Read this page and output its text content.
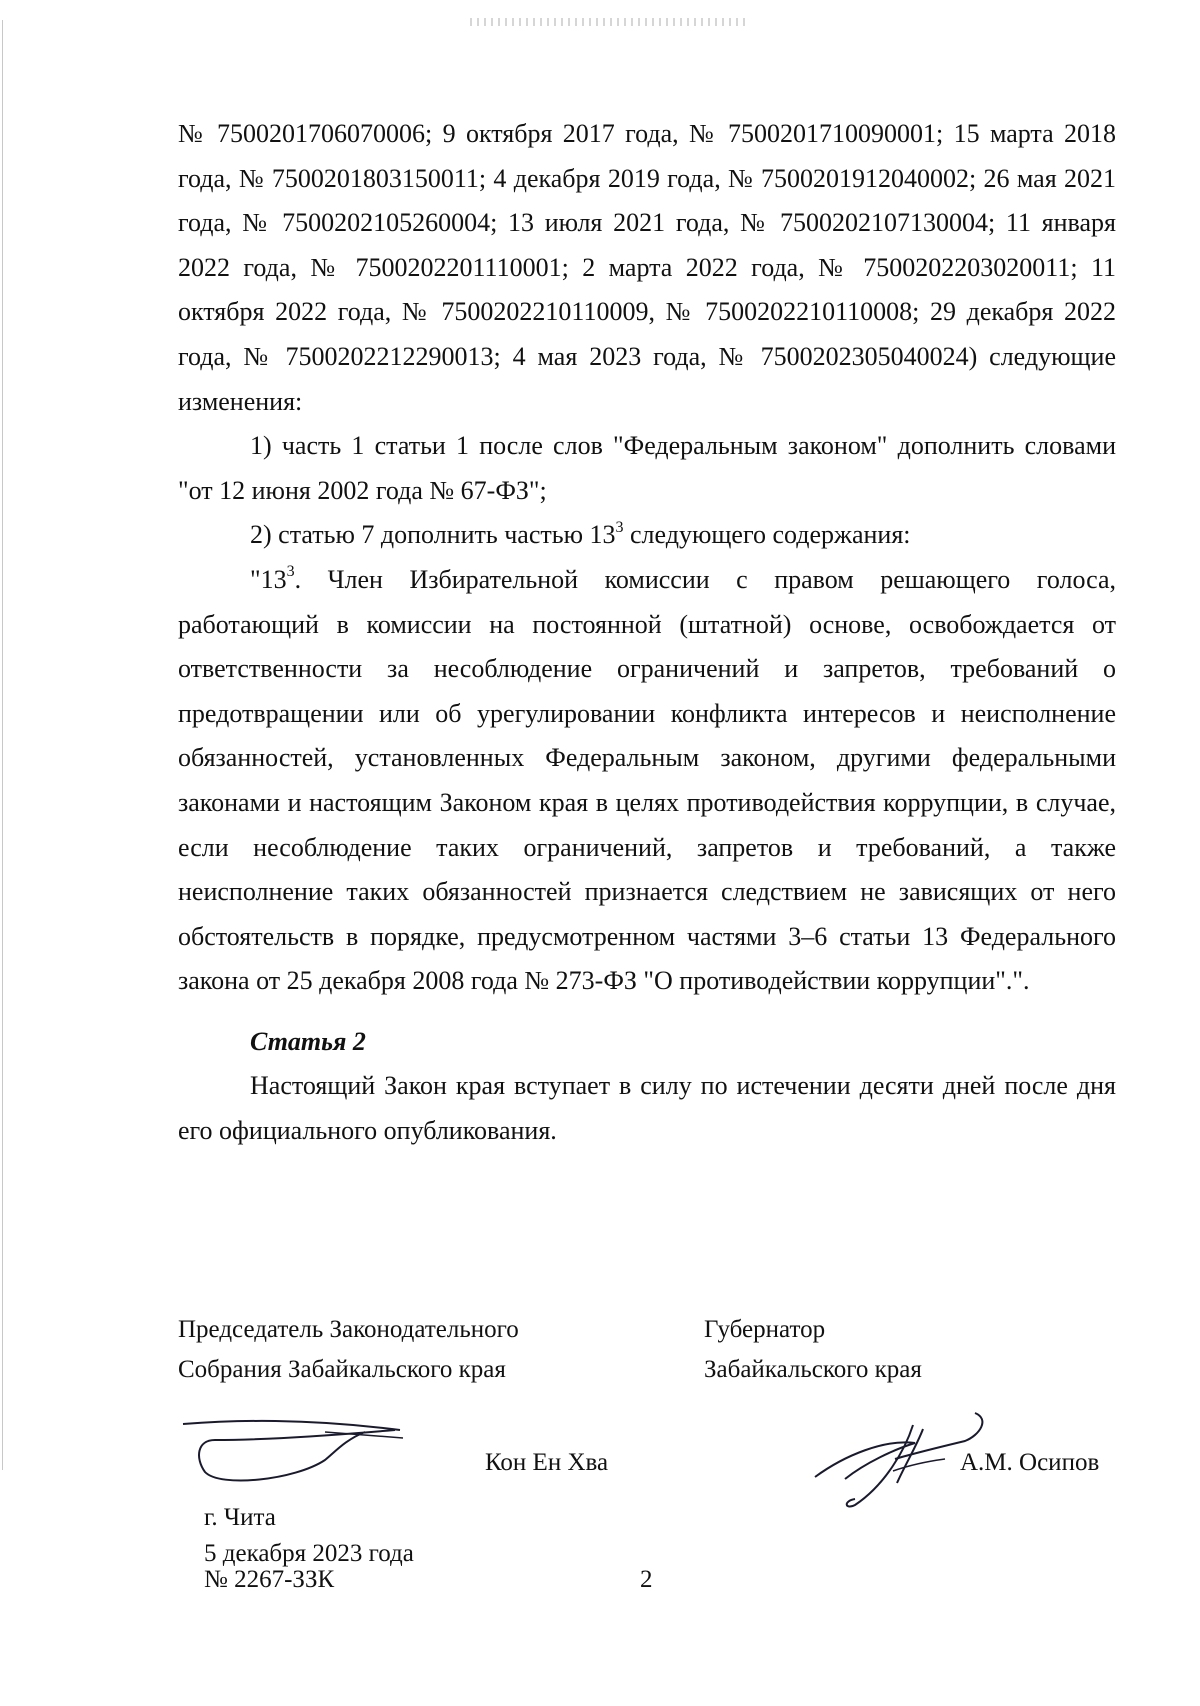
№ 7500201706070006; 9 октября 2017 года, № 7500201710090001; 15 марта 2018 года, № 7500201803150011; 4 декабря 2019 года, № 7500201912040002; 26 мая 2021 года, № 7500202105260004; 13 июля 2021 года, № 7500202107130004; 11 января 2022 года, № 7500202201110001; 2 марта 2022 года, № 7500202203020011; 11 октября 2022 года, № 7500202210110009, № 7500202210110008; 29 декабря 2022 года, № 7500202212290013; 4 мая 2023 года, № 7500202305040024) следующие изменения:

1) часть 1 статьи 1 после слов "Федеральным законом" дополнить словами "от 12 июня 2002 года № 67-ФЗ";

2) статью 7 дополнить частью $13^3$ следующего содержания:

"$13^3$. Член Избирательной комиссии с правом решающего голоса, работающий в комиссии на постоянной (штатной) основе, освобождается от ответственности за несоблюдение ограничений и запретов, требований о предотвращении или об урегулировании конфликта интересов и неисполнение обязанностей, установленных Федеральным законом, другими федеральными законами и настоящим Законом края в целях противодействия коррупции, в случае, если несоблюдение таких ограничений, запретов и требований, а также неисполнение таких обязанностей признается следствием не зависящих от него обстоятельств в порядке, предусмотренном частями 3–6 статьи 13 Федерального закона от 25 декабря 2008 года № 273-ФЗ "О противодействии коррупции".".

Статья 2

Настоящий Закон края вступает в силу по истечении десяти дней после дня его официального опубликования.

Председатель Законодательного
Собрания Забайкальского края
Губернатор
Забайкальского края
Кон Ен Хва	А.М. Осипов
г. Чита
5 декабря 2023 года
№ 2267-ЗЗК	2
